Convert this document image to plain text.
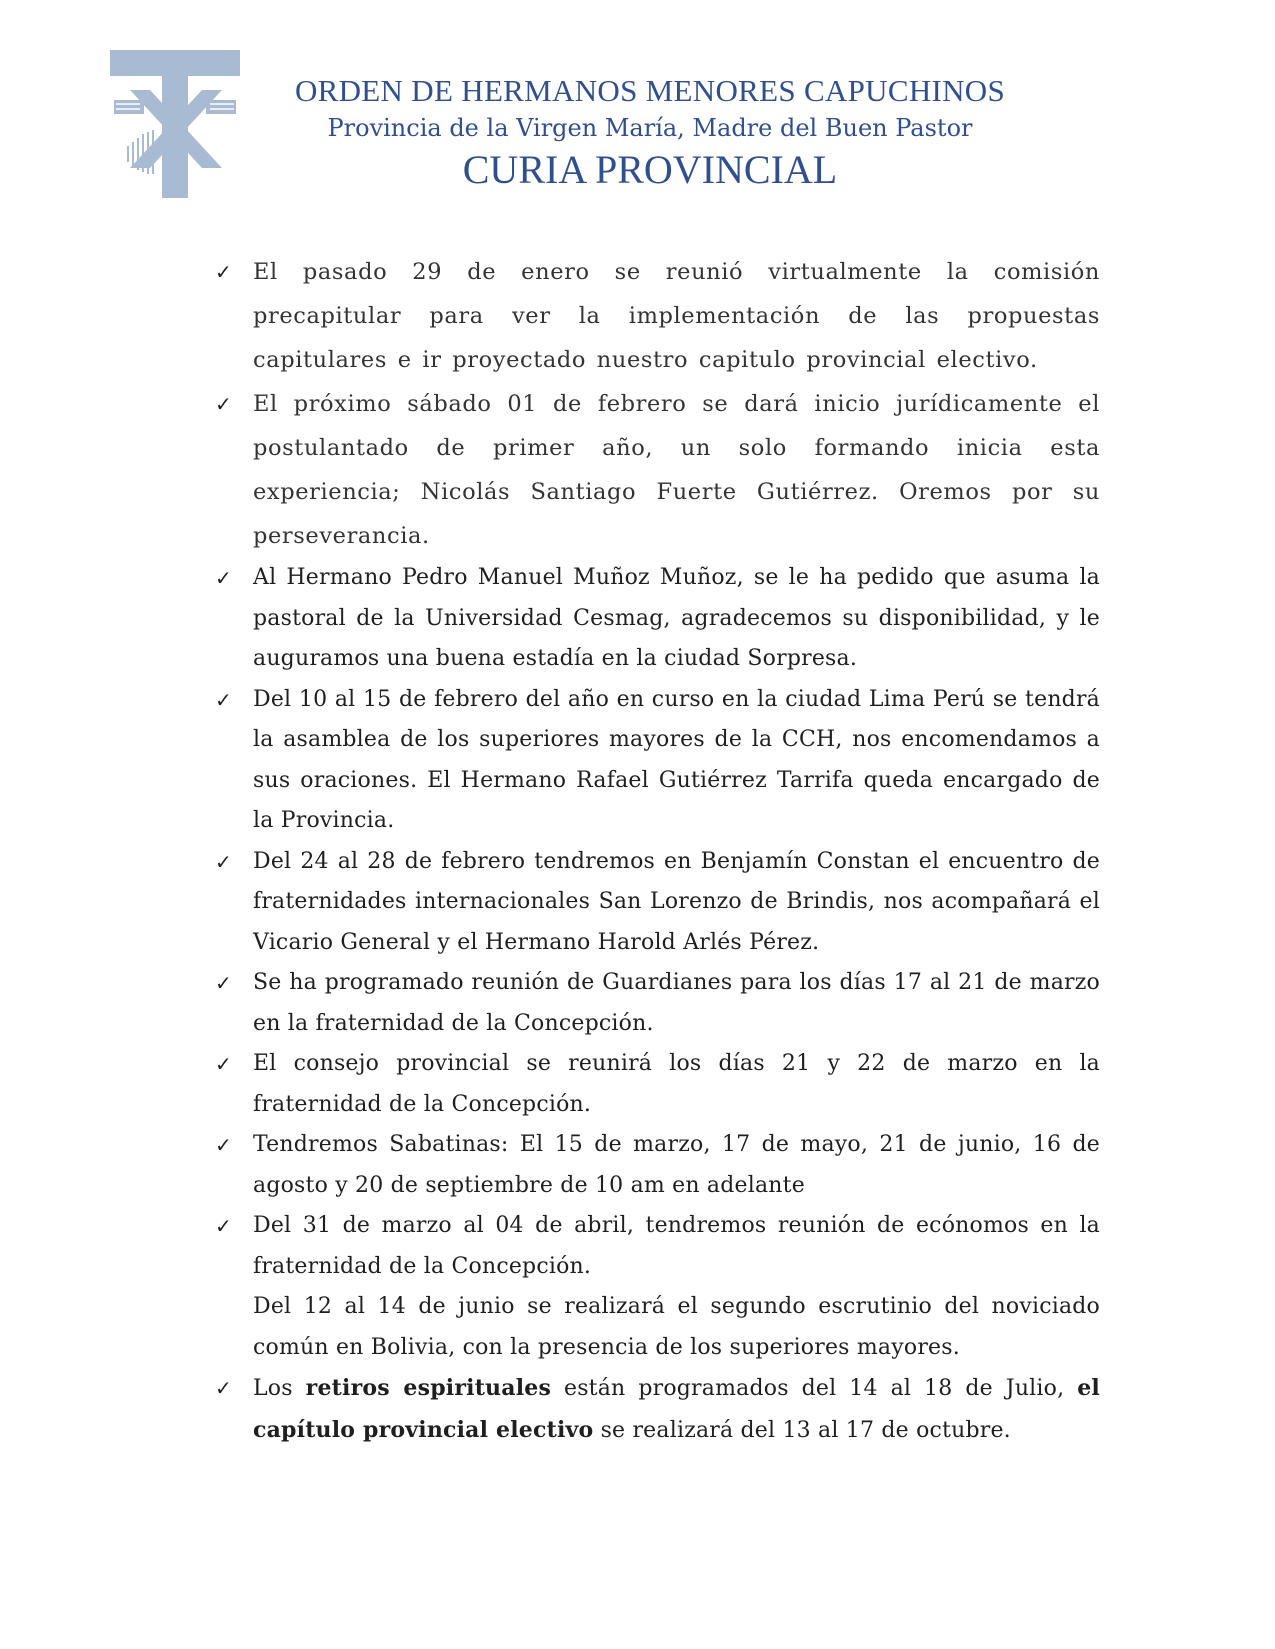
ORDEN DE HERMANOS MENORES CAPUCHINOS
Provincia de la Virgen María, Madre del Buen Pastor
CURIA PROVINCIAL
✓ El pasado 29 de enero se reunió virtualmente la comisión precapitular para ver la implementación de las propuestas capitulares e ir proyectado nuestro capitulo provincial electivo.
✓ El próximo sábado 01 de febrero se dará inicio jurídicamente el postulantado de primer año, un solo formando inicia esta experiencia; Nicolás Santiago Fuerte Gutiérrez. Oremos por su perseverancia.
✓ Al Hermano Pedro Manuel Muñoz Muñoz, se le ha pedido que asuma la pastoral de la Universidad Cesmag, agradecemos su disponibilidad, y le auguramos una buena estadía en la ciudad Sorpresa.
✓ Del 10 al 15 de febrero del año en curso en la ciudad Lima Perú se tendrá la asamblea de los superiores mayores de la CCH, nos encomendamos a sus oraciones. El Hermano Rafael Gutiérrez Tarrifa queda encargado de la Provincia.
✓ Del 24 al 28 de febrero tendremos en Benjamín Constan el encuentro de fraternidades internacionales San Lorenzo de Brindis, nos acompañará el Vicario General y el Hermano Harold Arlés Pérez.
✓ Se ha programado reunión de Guardianes para los días 17 al 21 de marzo en la fraternidad de la Concepción.
✓ El consejo provincial se reunirá los días 21 y 22 de marzo en la fraternidad de la Concepción.
✓ Tendremos Sabatinas: El 15 de marzo, 17 de mayo, 21 de junio, 16 de agosto y 20 de septiembre de 10 am en adelante
✓ Del 31 de marzo al 04 de abril, tendremos reunión de ecónomos en la fraternidad de la Concepción.
Del 12 al 14 de junio se realizará el segundo escrutinio del noviciado común en Bolivia, con la presencia de los superiores mayores.
✓ Los retiros espirituales están programados del 14 al 18 de Julio, el capítulo provincial electivo se realizará del 13 al 17 de octubre.
